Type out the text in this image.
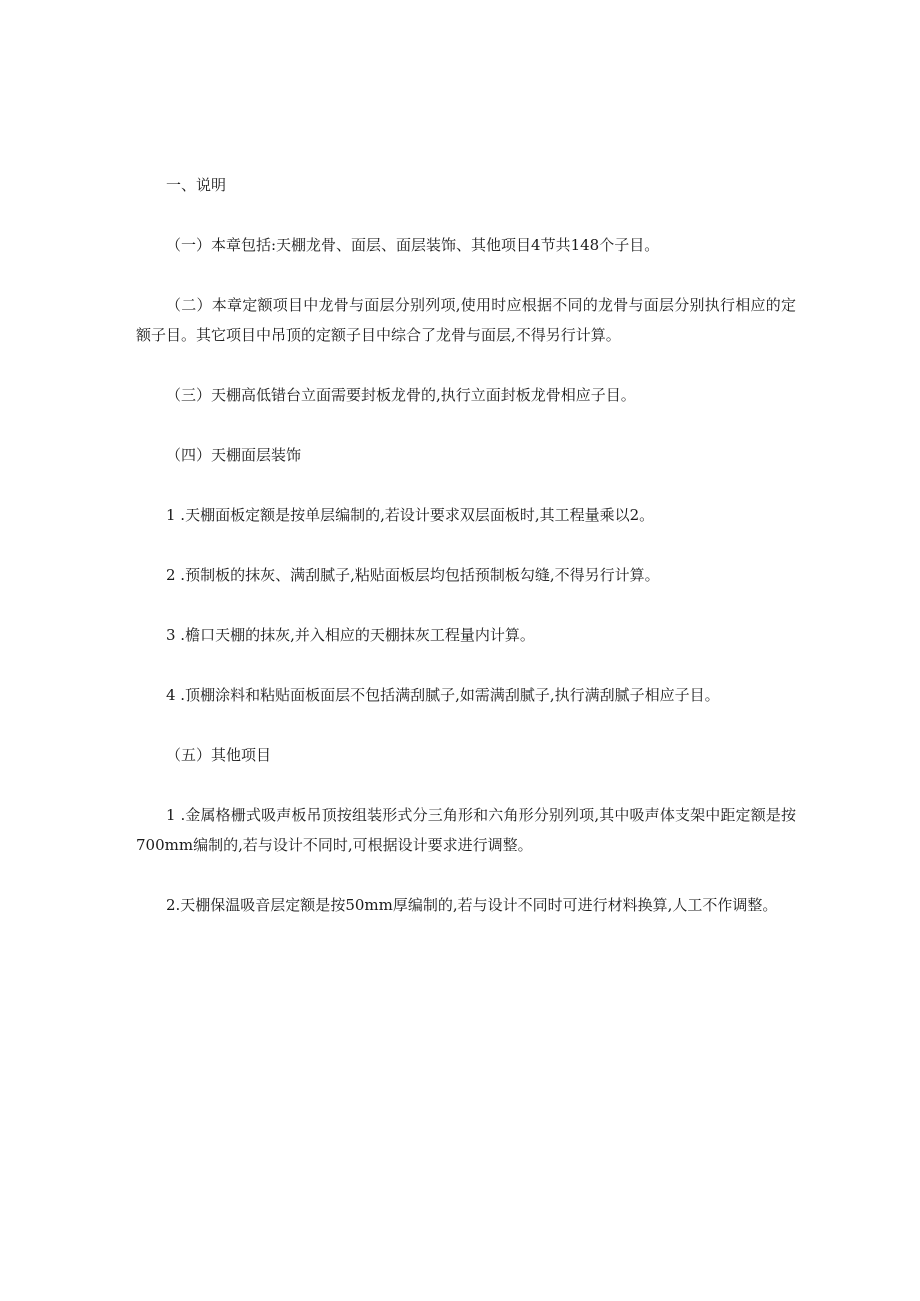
一、说明

（一）本章包括:天棚龙骨、面层、面层装饰、其他项目4节共148个子目。

（二）本章定额项目中龙骨与面层分别列项,使用时应根据不同的龙骨与面层分别执行相应的定额子目。其它项目中吊顶的定额子目中综合了龙骨与面层,不得另行计算。

（三）天棚高低错台立面需要封板龙骨的,执行立面封板龙骨相应子目。

（四）天棚面层装饰

1 .天棚面板定额是按单层编制的,若设计要求双层面板时,其工程量乘以2。

2 .预制板的抹灰、满刮腻子,粘贴面板层均包括预制板勾缝,不得另行计算。

3 .檐口天棚的抹灰,并入相应的天棚抹灰工程量内计算。

4 .顶棚涂料和粘贴面板面层不包括满刮腻子,如需满刮腻子,执行满刮腻子相应子目。

（五）其他项目

1 .金属格栅式吸声板吊顶按组装形式分三角形和六角形分别列项,其中吸声体支架中距定额是按700mm编制的,若与设计不同时,可根据设计要求进行调整。

2.天棚保温吸音层定额是按50mm厚编制的,若与设计不同时可进行材料换算,人工不作调整。
